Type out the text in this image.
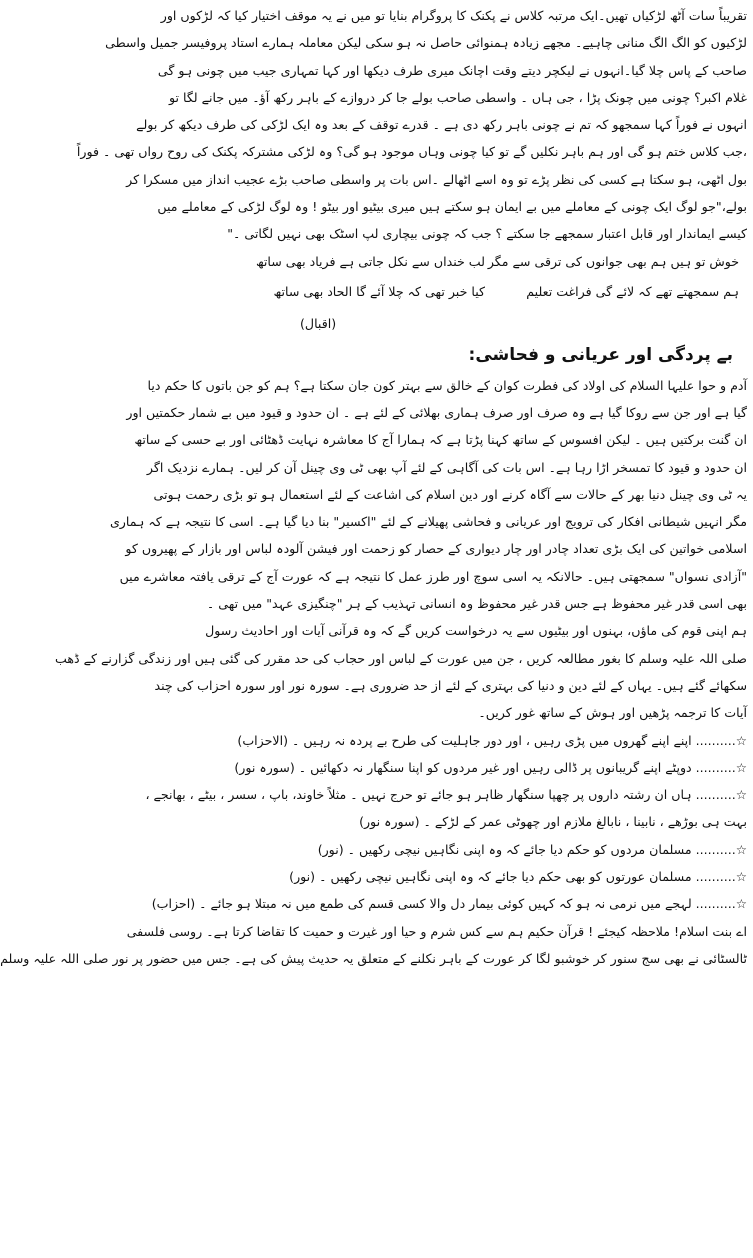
تقریباً سات آٹھ لڑکیاں تھیں۔ایک مرتبہ کلاس نے پکنک کا پروگرام بنایا تو میں نے یہ موقف اختیار کیا کہ لڑکوں اور
لڑکیوں کو الگ الگ منانی چاہیے۔ مجھے زیادہ ہمنوائی حاصل نہ ہو سکی لیکن معاملہ ہمارے استاد پروفیسر جمیل واسطی
صاحب کے پاس چلا گیا۔انہوں نے لیکچر دیتے وقت اچانک میری طرف دیکھا اور کہا تمہاری جیب میں چونی ہو گی
غلام اکبر؟ چونی میں چونک پڑا ، جی ہاں ۔ واسطی صاحب بولے جا کر دروازے کے باہر رکھ آؤ۔ میں جانے لگا تو
انہوں نے فوراً کہا سمجھو کہ تم نے چونی باہر رکھ دی ہے ۔ قدرے توقف کے بعد وہ ایک لڑکی کی طرف دیکھ کر بولے
،جب کلاس ختم ہو گی اور ہم باہر نکلیں گے تو کیا چونی وہاں موجود ہو گی؟ وہ لڑکی مشترکہ پکنک کی روح رواں تھی ۔ فوراً
بول اٹھی، ہو سکتا ہے کسی کی نظر پڑے تو وہ اسے اٹھالے ۔اس بات پر واسطی صاحب بڑے عجیب انداز میں مسکرا کر
بولے،"جو لوگ ایک چونی کے معاملے میں بے ایمان ہو سکتے ہیں میری بیٹیو اور بیٹو ! وہ لوگ لڑکی کے معاملے میں
کیسے ایماندار اور قابل اعتبار سمجھے جا سکتے ؟ جب کہ چونی بیچاری لپ اسٹک بھی نہیں لگاتی ۔"
خوش تو ہیں ہم بھی جوانوں کی ترقی سے مگر
لب خنداں سے نکل جاتی ہے فریاد بھی ساتھ
ہم سمجھتے تھے کہ لائے گی فراغت تعلیم
کیا خبر تھی کہ چلا آئے گا الحاد بھی ساتھ
(اقبال)
بے پردگی اور عریانی و فحاشی:
آدم و حوا علیہا السلام کی اولاد کی فطرت کوان کے خالق سے بہتر کون جان سکتا ہے؟ ہم کو جن باتوں کا حکم دیا
گیا ہے اور جن سے روکا گیا ہے وہ صرف اور صرف ہماری بھلائی کے لئے ہے ۔ ان حدود و قیود میں بے شمار حکمتیں اور
ان گنت برکتیں ہیں ۔ لیکن افسوس کے ساتھ کہنا پڑتا ہے کہ ہمارا آج کا معاشرہ نہایت ڈھٹائی اور بے حسی کے ساتھ
ان حدود و قیود کا تمسخر اڑا رہا ہے۔ اس بات کی آگاہی کے لئے آپ بھی ٹی وی چینل آن کر لیں۔ ہمارے نزدیک اگر
یہ ٹی وی چینل دنیا بھر کے حالات سے آگاہ کرنے اور دین اسلام کی اشاعت کے لئے استعمال ہو تو بڑی رحمت ہوتی
مگر انہیں شیطانی افکار کی ترویج اور عریانی و فحاشی پھیلانے کے لئے "اکسیر" بنا دیا گیا ہے۔ اسی کا نتیجہ ہے کہ ہماری
اسلامی خواتین کی ایک بڑی تعداد چادر اور چار دیواری کے حصار کو زحمت اور فیشن آلودہ لباس اور بازار کے پھیروں کو
"آزادی نسواں" سمجھتی ہیں۔ حالانکہ یہ اسی سوچ اور طرز عمل کا نتیجہ ہے کہ عورت آج کے ترقی یافتہ معاشرے میں
بھی اسی قدر غیر محفوظ ہے جس قدر غیر محفوظ وہ انسانی تہذیب کے ہر "چنگیزی عہد" میں تھی ۔
ہم اپنی قوم کی ماؤں، بہنوں اور بیٹیوں سے یہ درخواست کریں گے کہ وہ قرآنی آیات اور احادیث رسول
صلی اللہ علیہ وسلم کا بغور مطالعہ کریں ، جن میں عورت کے لباس اور حجاب کی حد مقرر کی گئی ہیں اور زندگی گزارنے کے ڈھب
سکھائے گئے ہیں۔ یہاں کے لئے دین و دنیا کی بہتری کے لئے از حد ضروری ہے۔ سورہ نور اور سورہ احزاب کی چند
آیات کا ترجمہ پڑھیں اور ہوش کے ساتھ غور کریں۔
☆..........اپنے اپنے گھروں میں پڑی رہیں ، اور دور جاہلیت کی طرح بے پردہ نہ رہیں ۔ (الاحزاب)
☆..........دوپٹے اپنے گریبانوں پر ڈالی رہیں اور غیر مردوں کو اپنا سنگھار نہ دکھائیں ۔ (سورہ نور)
☆..........ہاں ان رشتہ داروں پر چھپا سنگھار ظاہر ہو جائے تو حرج نہیں ۔ مثلاً خاوند، باپ ، سسر ، بیٹے ، بھانجے ،
بہت ہی بوڑھے ، نابینا ، نابالغ ملازم اور چھوٹی عمر کے لڑکے ۔ (سورہ نور)
☆..........مسلمان مردوں کو حکم دیا جائے کہ وہ اپنی نگاہیں نیچی رکھیں ۔ (نور)
☆..........مسلمان عورتوں کو بھی حکم دیا جائے کہ وہ اپنی نگاہیں نیچی رکھیں ۔ (نور)
☆..........لہجے میں نرمی نہ ہو کہ کہیں کوئی بیمار دل والا کسی قسم کی طمع میں نہ مبتلا ہو جائے ۔ (احزاب)
اے بنت اسلام! ملاحظہ کیجئے ! قرآن حکیم ہم سے کس شرم و حیا اور غیرت و حمیت کا تقاضا کرتا ہے۔ روسی فلسفی
ٹالسٹائی نے بھی سج سنور کر خوشبو لگا کر عورت کے باہر نکلنے کے متعلق یہ حدیث پیش کی ہے۔ جس میں حضور پر نور صلی اللہ علیہ وسلم
